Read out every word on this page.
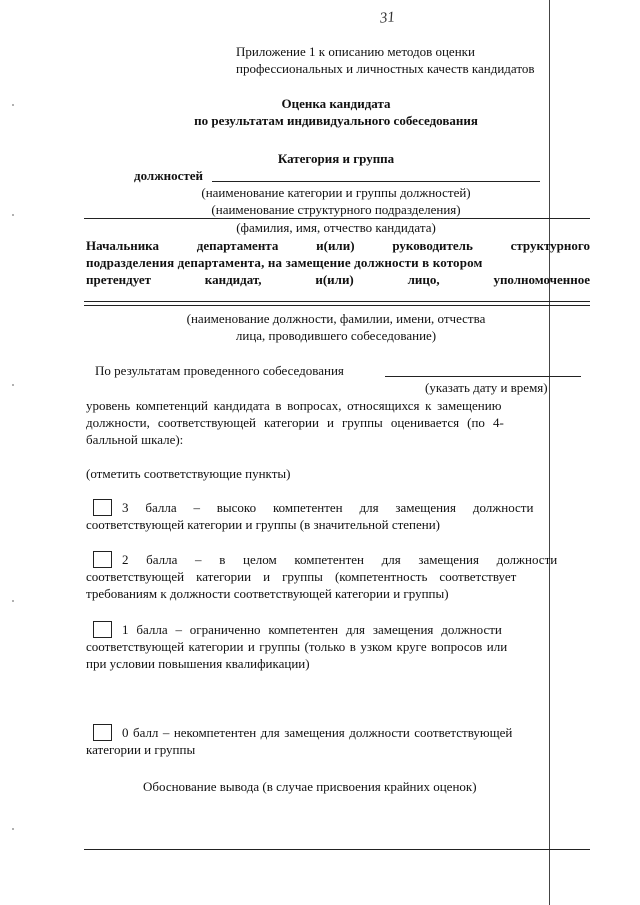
31
Приложение 1 к описанию методов оценки
профессиональных и личностных качеств кандидатов
Оценка кандидата
по результатам индивидуального собеседования
Категория и группа
должностей
(наименование категории и группы должностей)
(наименование структурного подразделения)
(фамилия, имя, отчество кандидата)
Начальника	департамента	и(или)	руководитель	структурного
подразделения департамента, на замещение должности в котором
претендует	кандидат,	и(или)	лицо,	уполномоченное
(наименование должности, фамилии, имени, отчества
лица, проводившего собеседование)
По результатам проведенного собеседования
(указать дату и время)
уровень компетенций кандидата в вопросах, относящихся к замещению
должности, соответствующей категории и группы оценивается (по 4-
балльной шкале):
(отметить соответствующие пункты)
3 балла – высоко компетентен для замещения должности
соответствующей категории и группы (в значительной степени)
2 балла – в целом компетентен для замещения должности
соответствующей категории и группы (компетентность соответствует
требованиям к должности соответствующей категории и группы)
1 балла – ограниченно компетентен для замещения должности
соответствующей категории и группы (только в узком круге вопросов или
при условии повышения квалификации)
0 балл – некомпетентен для замещения должности соответствующей
категории и группы
Обоснование вывода (в случае присвоения крайних оценок)
